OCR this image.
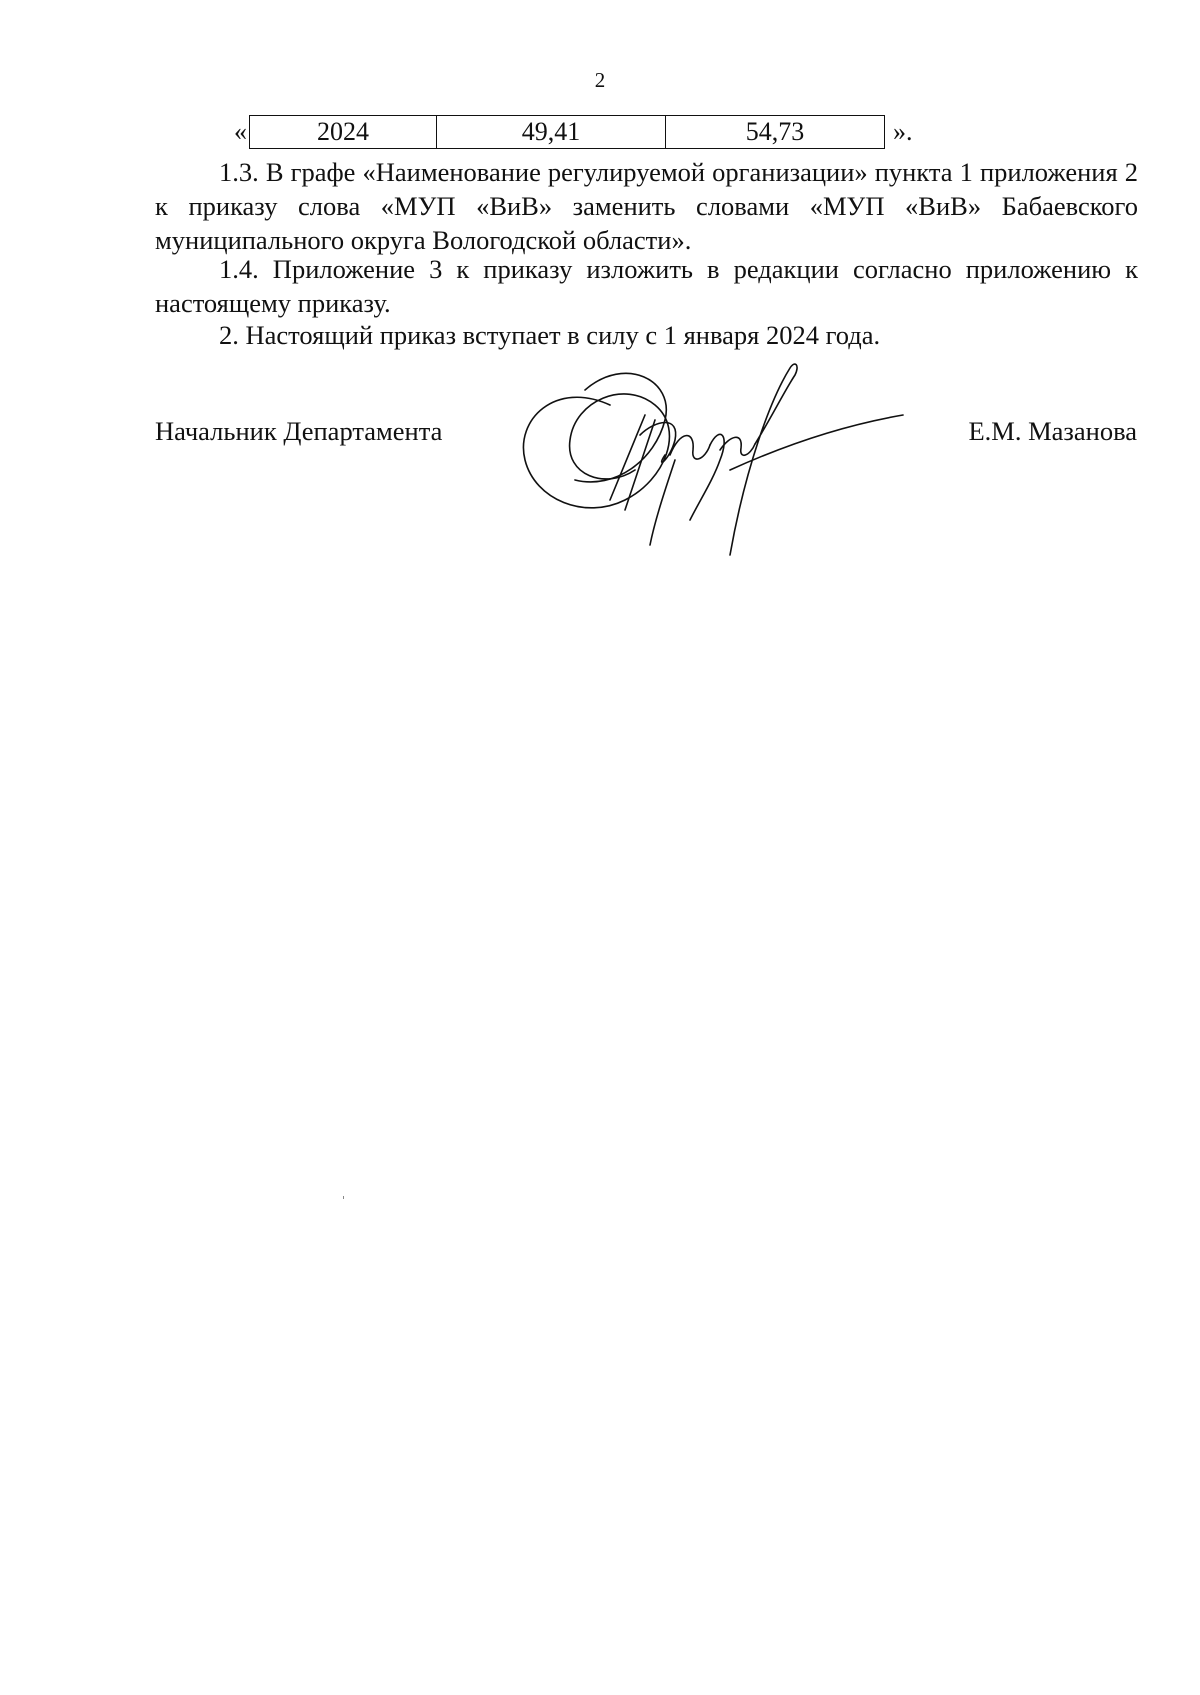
2
«	2024	49,41	54,73	».
1.3. В графе «Наименование регулируемой организации» пункта 1 приложения 2 к приказу слова «МУП «ВиВ» заменить словами «МУП «ВиВ» Бабаевского муниципального округа Вологодской области».
1.4. Приложение 3 к приказу изложить в редакции согласно приложению к настоящему приказу.
2. Настоящий приказ вступает в силу с 1 января 2024 года.
Начальник Департамента	Е.М. Мазанова
